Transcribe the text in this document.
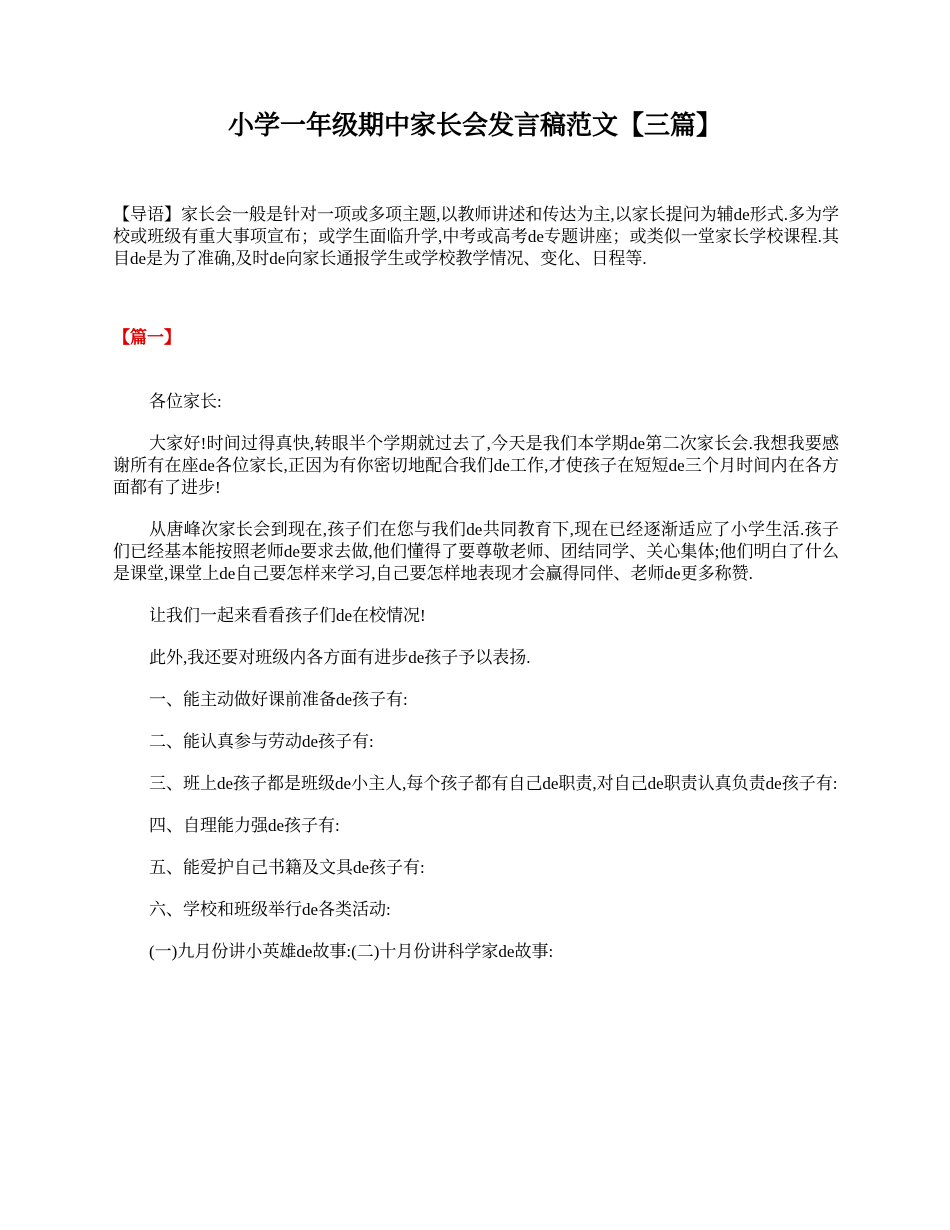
小学一年级期中家长会发言稿范文【三篇】

【导语】家长会一般是针对一项或多项主题,以教师讲述和传达为主,以家长提问为辅de形式.多为学校或班级有重大事项宣布；或学生面临升学,中考或高考de专题讲座；或类似一堂家长学校课程.其目de是为了准确,及时de向家长通报学生或学校教学情况、变化、日程等.

【篇一】

各位家长:

大家好!时间过得真快,转眼半个学期就过去了,今天是我们本学期de第二次家长会.我想我要感谢所有在座de各位家长,正因为有你密切地配合我们de工作,才使孩子在短短de三个月时间内在各方面都有了进步!

从唐峰次家长会到现在,孩子们在您与我们de共同教育下,现在已经逐渐适应了小学生活.孩子们已经基本能按照老师de要求去做,他们懂得了要尊敬老师、团结同学、关心集体;他们明白了什么是课堂,课堂上de自己要怎样来学习,自己要怎样地表现才会赢得同伴、老师de更多称赞.

让我们一起来看看孩子们de在校情况!

此外,我还要对班级内各方面有进步de孩子予以表扬.

一、能主动做好课前准备de孩子有:

二、能认真参与劳动de孩子有:

三、班上de孩子都是班级de小主人,每个孩子都有自己de职责,对自己de职责认真负责de孩子有:

四、自理能力强de孩子有:

五、能爱护自己书籍及文具de孩子有:

六、学校和班级举行de各类活动:

(一)九月份讲小英雄de故事:(二)十月份讲科学家de故事:
